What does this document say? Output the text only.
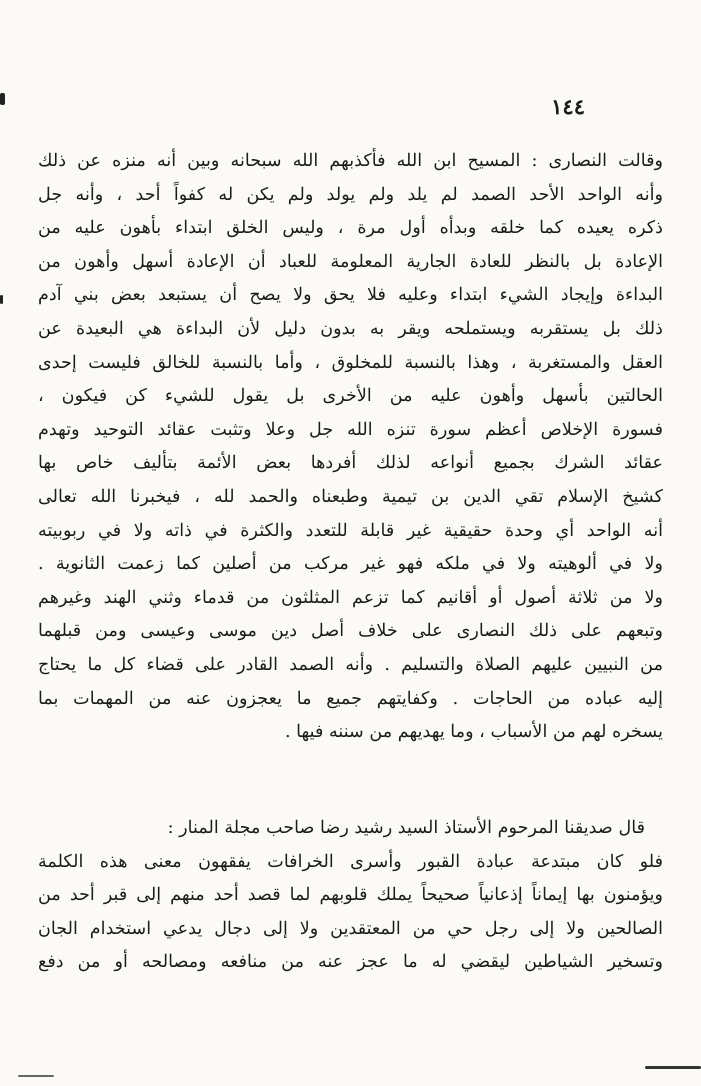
١٤٤
وقالت النصارى : المسيح ابن الله فأكذبهم الله سبحانه وبين أنه منزه عن ذلك
وأنه الواحد الأحد الصمد لم يلد ولم يولد ولم يكن له كفواً أحد ، وأنه جل
ذكره يعيده كما خلقه وبدأه أول مرة ، وليس الخلق ابتداء بأهون عليه من
الإعادة بل بالنظر للعادة الجارية المعلومة للعباد أن الإعادة أسهل وأهون من
البداءة وإيجاد الشيء ابتداء وعليه فلا يحق ولا يصح أن يستبعد بعض بني آدم
ذلك بل يستقربه ويستملحه ويقر به بدون دليل لأن البداءة هي البعيدة عن
العقل والمستغربة ، وهذا بالنسبة للمخلوق ، وأما بالنسبة للخالق فليست إحدى
الحالتين بأسهل وأهون عليه من الأخرى بل يقول للشيء كن فيكون ،
فسورة الإخلاص أعظم سورة تنزه الله جل وعلا وتثبت عقائد التوحيد وتهدم
عقائد الشرك بجميع أنواعه لذلك أفردها بعض الأئمة بتأليف خاص بها
كشيخ الإسلام تقي الدين بن تيمية وطبعناه والحمد لله ، فيخبرنا الله تعالى
أنه الواحد أي وحدة حقيقية غير قابلة للتعدد والكثرة في ذاته ولا في ربوبيته
ولا في ألوهيته ولا في ملكه فهو غير مركب من أصلين كما زعمت الثانوية .
ولا من ثلاثة أصول أو أقانيم كما تزعم المثلثون من قدماء وثني الهند وغيرهم
وتبعهم على ذلك النصارى على خلاف أصل دين موسى وعيسى ومن قبلهما
من النبيين عليهم الصلاة والتسليم . وأنه الصمد القادر على قضاء كل ما يحتاج
إليه عباده من الحاجات . وكفايتهم جميع ما يعجزون عنه من المهمات بما
يسخره لهم من الأسباب ، وما يهديهم من سننه فيها .
قال صديقنا المرحوم الأستاذ السيد رشيد رضا صاحب مجلة المنار :
فلو كان مبتدعة عبادة القبور وأسرى الخرافات يفقهون معنى هذه الكلمة
ويؤمنون بها إيماناً إذعانياً صحيحاً يملك قلوبهم لما قصد أحد منهم إلى قبر أحد من
الصالحين ولا إلى رجل حي من المعتقدين ولا إلى دجال يدعي استخدام الجان
وتسخير الشياطين ليقضي له ما عجز عنه من منافعه ومصالحه أو من دفع
